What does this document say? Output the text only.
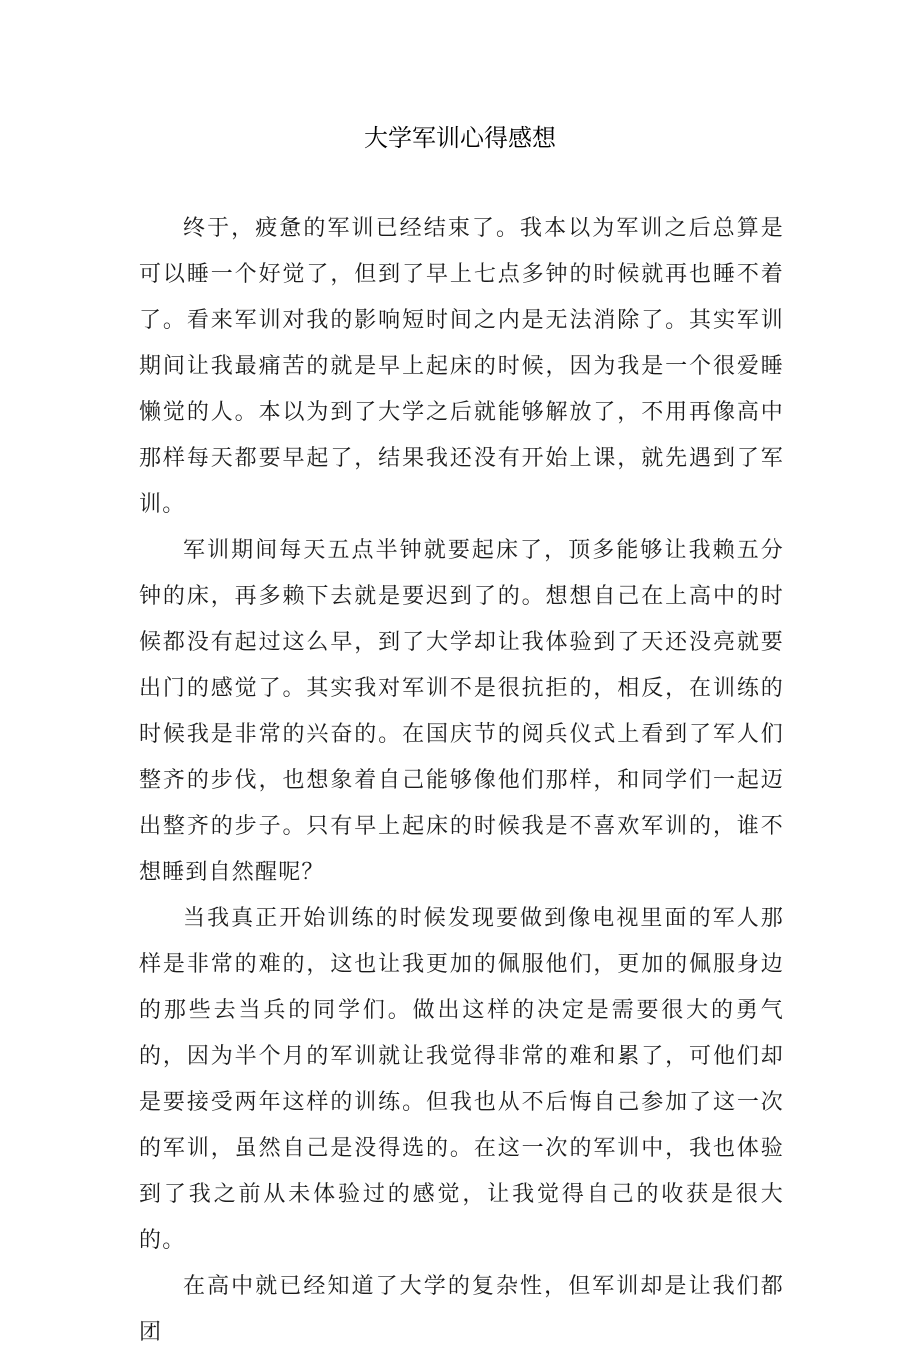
大学军训心得感想

终于，疲惫的军训已经结束了。我本以为军训之后总算是可以睡一个好觉了，但到了早上七点多钟的时候就再也睡不着了。看来军训对我的影响短时间之内是无法消除了。其实军训期间让我最痛苦的就是早上起床的时候，因为我是一个很爱睡懒觉的人。本以为到了大学之后就能够解放了，不用再像高中那样每天都要早起了，结果我还没有开始上课，就先遇到了军训。

军训期间每天五点半钟就要起床了，顶多能够让我赖五分钟的床，再多赖下去就是要迟到了的。想想自己在上高中的时候都没有起过这么早，到了大学却让我体验到了天还没亮就要出门的感觉了。其实我对军训不是很抗拒的，相反，在训练的时候我是非常的兴奋的。在国庆节的阅兵仪式上看到了军人们整齐的步伐，也想象着自己能够像他们那样，和同学们一起迈出整齐的步子。只有早上起床的时候我是不喜欢军训的，谁不想睡到自然醒呢？

当我真正开始训练的时候发现要做到像电视里面的军人那样是非常的难的，这也让我更加的佩服他们，更加的佩服身边的那些去当兵的同学们。做出这样的决定是需要很大的勇气的，因为半个月的军训就让我觉得非常的难和累了，可他们却是要接受两年这样的训练。但我也从不后悔自己参加了这一次的军训，虽然自己是没得选的。在这一次的军训中，我也体验到了我之前从未体验过的感觉，让我觉得自己的收获是很大的。

在高中就已经知道了大学的复杂性，但军训却是让我们都团
